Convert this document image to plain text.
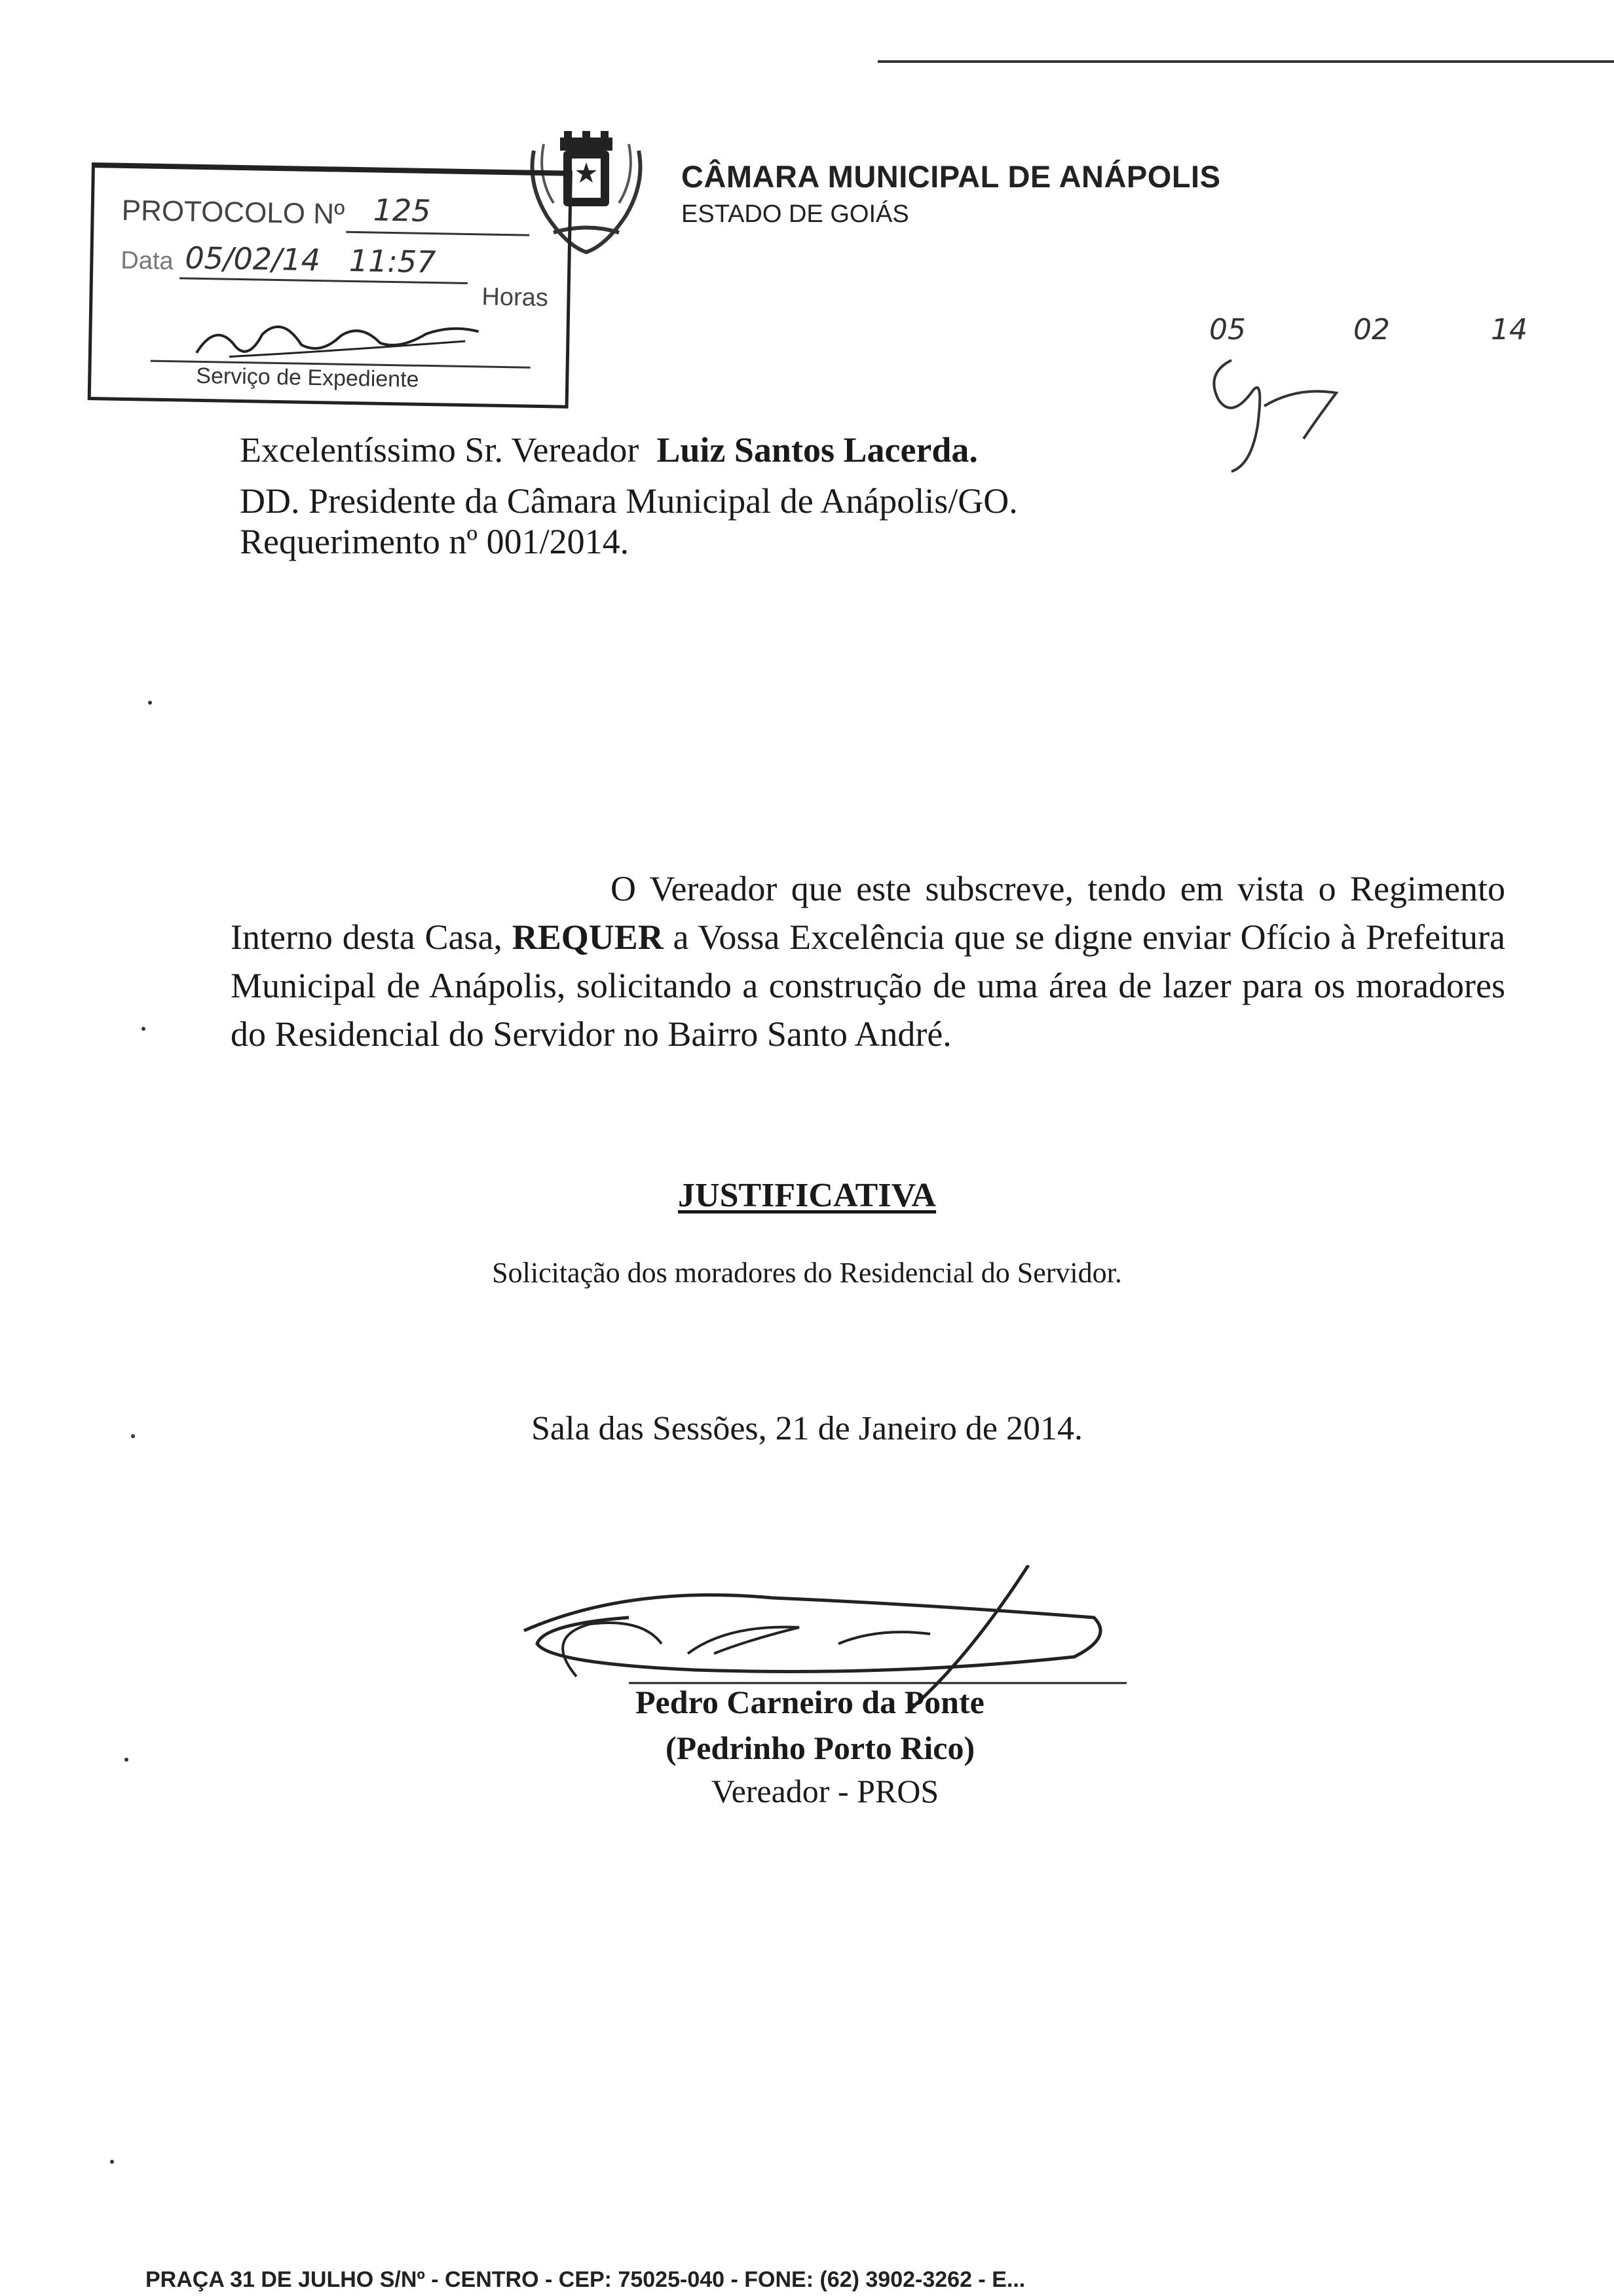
CÂMARA MUNICIPAL DE ANÁPOLIS
ESTADO DE GOIÁS
PROTOCOLO Nº 125
Data 05/02/14 11:57
Horas
Serviço de Expediente
05	02	14
Excelentíssimo Sr. Vereador Luiz Santos Lacerda.
DD. Presidente da Câmara Municipal de Anápolis/GO.
Requerimento nº 001/2014.
O Vereador que este subscreve, tendo em vista o Regimento Interno desta Casa, REQUER a Vossa Excelência que se digne enviar Ofício à Prefeitura Municipal de Anápolis, solicitando a construção de uma área de lazer para os moradores do Residencial do Servidor no Bairro Santo André.
JUSTIFICATIVA
Solicitação dos moradores do Residencial do Servidor.
Sala das Sessões, 21 de Janeiro de 2014.
Pedro Carneiro da Ponte
(Pedrinho Porto Rico)
Vereador - PROS
PRAÇA 31 DE JULHO S/Nº - CENTRO - CEP: 75025-040 - FONE: (62) 3902-3262 - E...
